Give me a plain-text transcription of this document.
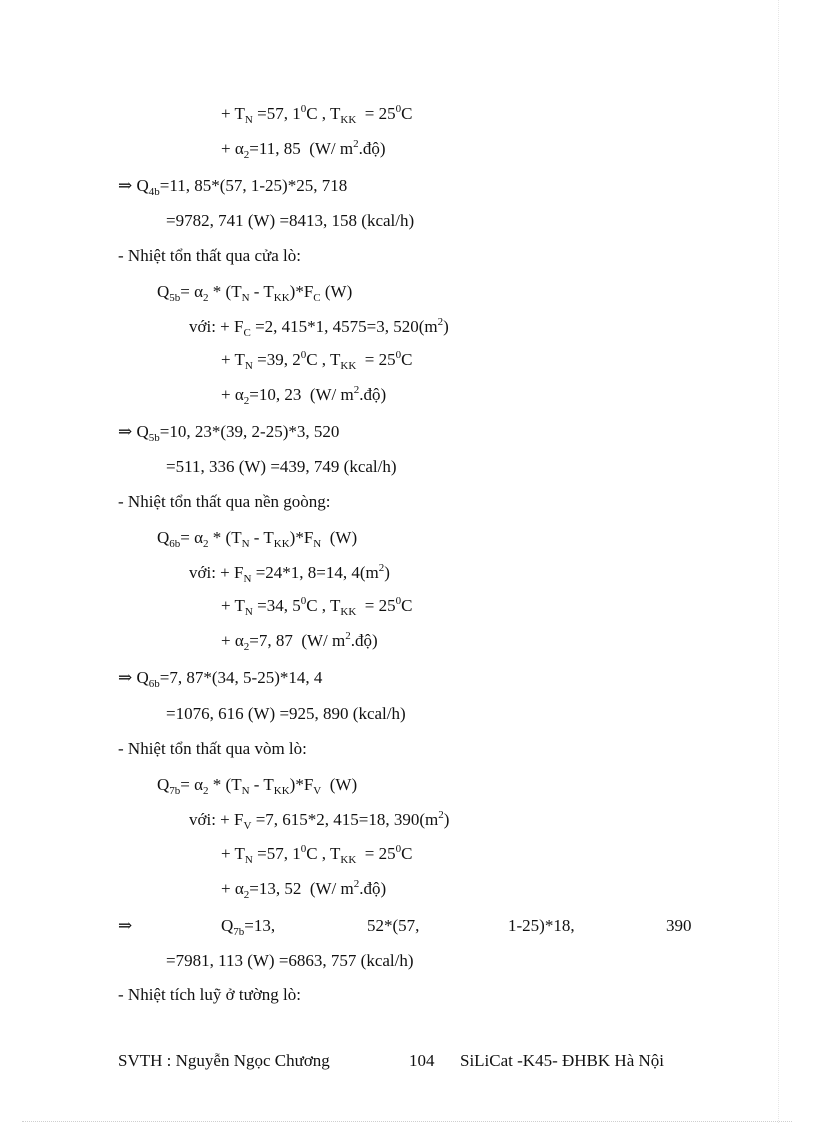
+ $T_N =57$, $1^0C$ , $T_{KK} = 25^0C$
+ $\alpha_2=11$, 85  (W/ $m^2.độ$)
⇒ $Q_{4b}=11$, 85*(57, 1-25)*25, 718
=9782, 741 (W) =8413, 158 (kcal/h)
- Nhiệt tổn thất qua cửa lò:
$Q_{5b}= \alpha_2 * (T_N - T_{KK})*F_C$ (W)
với: + $F_C =2$, 415*1, 4575=3, $520(m^2)$
+ $T_N =39$, $2^0C$ , $T_{KK} = 25^0C$
+ $\alpha_2=10$, 23  (W/ $m^2.độ$)
⇒ $Q_{5b}=10$, 23*(39, 2-25)*3, 520
=511, 336 (W) =439, 749 (kcal/h)
- Nhiệt tổn thất qua nền goòng:
$Q_{6b}= \alpha_2 * (T_N - T_{KK})*F_N$  (W)
với: + $F_N =24*1$, 8=14, $4(m^2)$
+ $T_N =34$, $5^0C$ , $T_{KK} = 25^0C$
+ $\alpha_2=7$, 87  (W/ $m^2.độ$)
⇒ $Q_{6b}=7$, 87*(34, 5-25)*14, 4
=1076, 616 (W) =925, 890 (kcal/h)
- Nhiệt tổn thất qua vòm lò:
$Q_{7b}= \alpha_2 * (T_N - T_{KK})*F_V$  (W)
với: + $F_V =7$, 615*2, 415=18, $390(m^2)$
+ $T_N =57$, $1^0C$ , $T_{KK} = 25^0C$
+ $\alpha_2=13$, 52  (W/ $m^2.độ$)
⇒	$Q_{7b}=13$,	52*(57,	1-25)*18,	390
=7981, 113 (W) =6863, 757 (kcal/h)
- Nhiệt tích luỹ ở tường lò:
SVTH : Nguyễn Ngọc Chương	104 SiLiCat -K45- ĐHBK Hà Nội
